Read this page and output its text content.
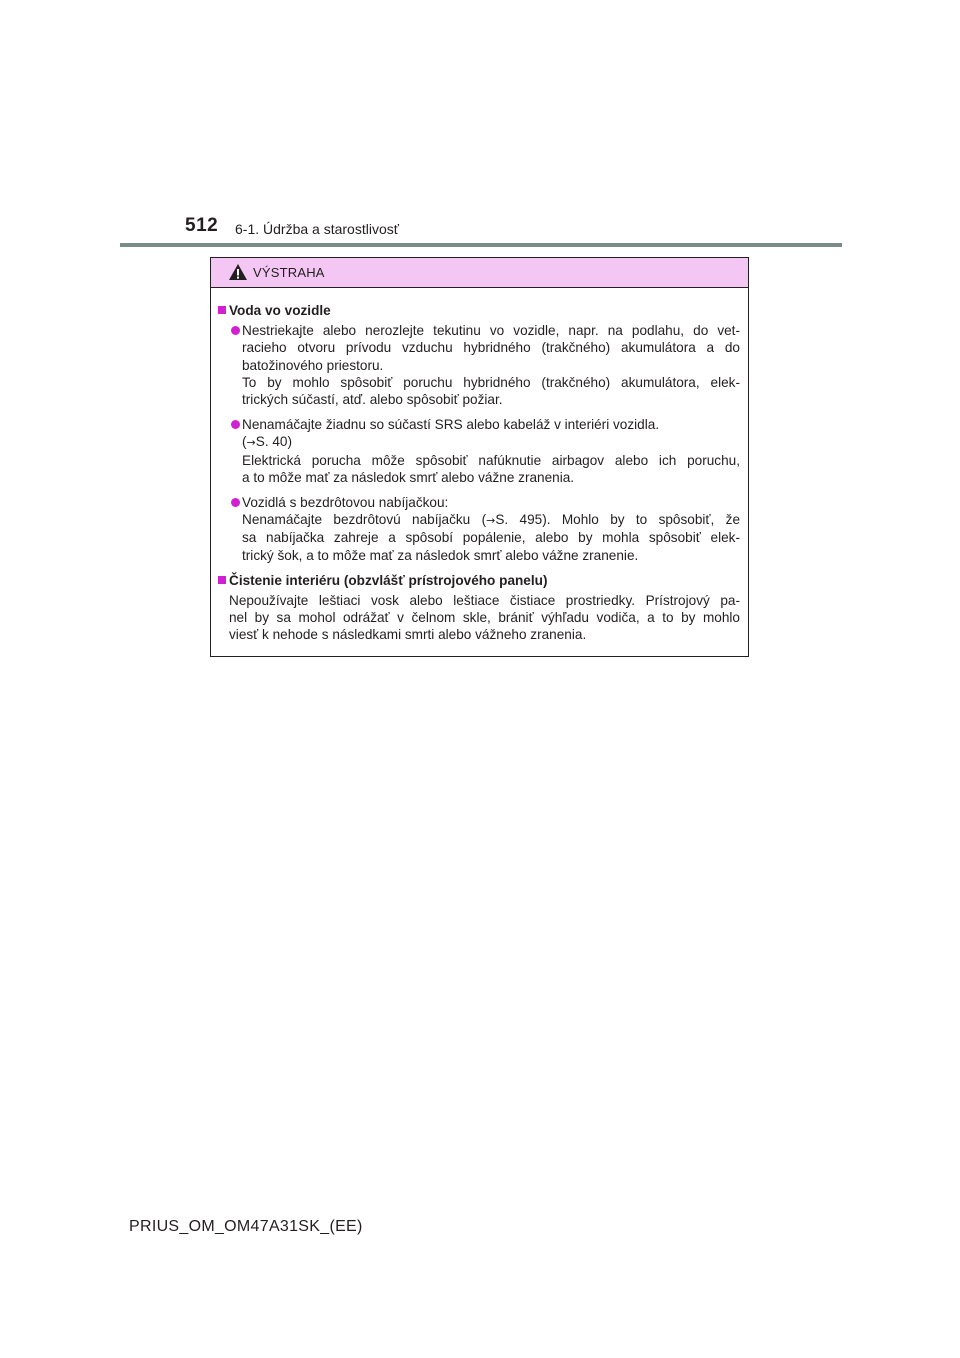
512 6-1. Údržba a starostlivosť
VÝSTRAHA
Voda vo vozidle
Nestriekajte alebo nerozlejte tekutinu vo vozidle, napr. na podlahu, do vet-
racieho otvoru prívodu vzduchu hybridného (trakčného) akumulátora a do
batožinového priestoru.
To by mohlo spôsobiť poruchu hybridného (trakčného) akumulátora, elek-
trických súčastí, atď. alebo spôsobiť požiar.
Nenamáčajte žiadnu so súčastí SRS alebo kabeláž v interiéri vozidla.
(→S. 40)
Elektrická porucha môže spôsobiť nafúknutie airbagov alebo ich poruchu,
a to môže mať za následok smrť alebo vážne zranenia.
Vozidlá s bezdrôtovou nabíjačkou:
Nenamáčajte bezdrôtovú nabíjačku (→S. 495). Mohlo by to spôsobiť, že
sa nabíjačka zahreje a spôsobí popálenie, alebo by mohla spôsobiť elek-
trický šok, a to môže mať za následok smrť alebo vážne zranenie.
Čistenie interiéru (obzvlášť prístrojového panelu)
Nepoužívajte leštiaci vosk alebo leštiace čistiace prostriedky. Prístrojový pa-
nel by sa mohol odrážať v čelnom skle, brániť výhľadu vodiča, a to by mohlo
viesť k nehode s následkami smrti alebo vážneho zranenia.
PRIUS_OM_OM47A31SK_(EE)
